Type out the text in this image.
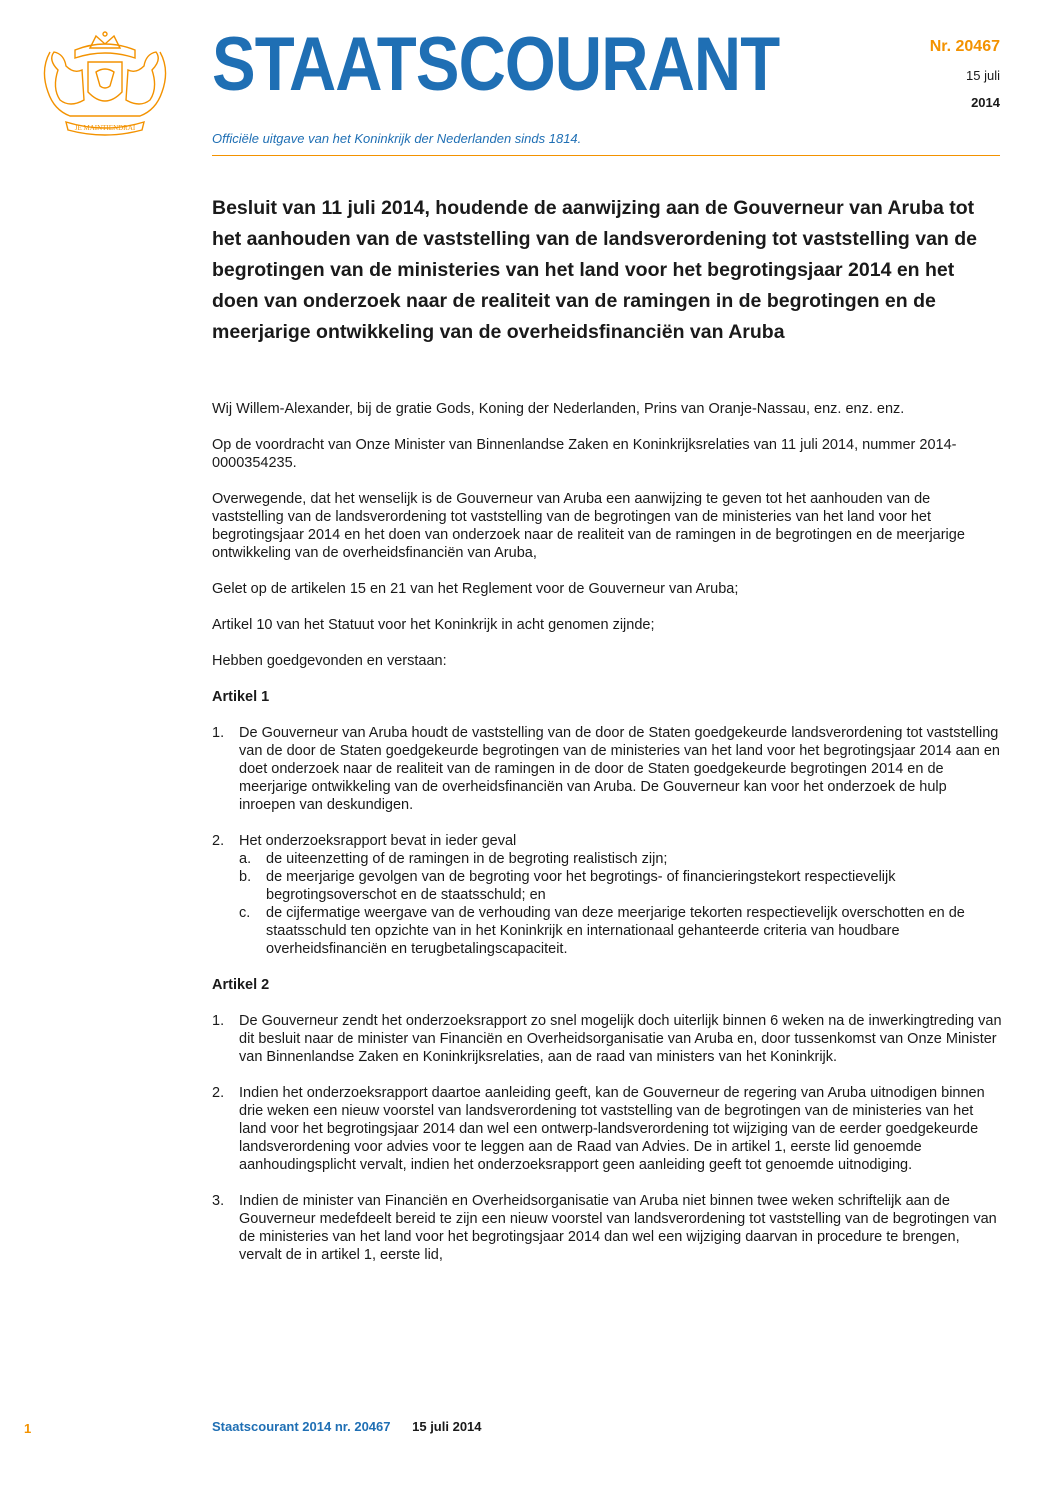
JE MAINTIENDRAI
STAATSCOURANT
Officiële uitgave van het Koninkrijk der Nederlanden sinds 1814.
Nr. 20467
15 juli
2014
Besluit van 11 juli 2014, houdende de aanwijzing aan de Gouverneur van Aruba tot het aanhouden van de vaststelling van de landsverordening tot vaststelling van de begrotingen van de ministeries van het land voor het begrotingsjaar 2014 en het doen van onderzoek naar de realiteit van de ramingen in de begrotingen en de meerjarige ontwikkeling van de overheidsfinanciën van Aruba

Wij Willem-Alexander, bij de gratie Gods, Koning der Nederlanden, Prins van Oranje-Nassau, enz. enz. enz.

Op de voordracht van Onze Minister van Binnenlandse Zaken en Koninkrijksrelaties van 11 juli 2014, nummer 2014-0000354235.

Overwegende, dat het wenselijk is de Gouverneur van Aruba een aanwijzing te geven tot het aanhouden van de vaststelling van de landsverordening tot vaststelling van de begrotingen van de ministeries van het land voor het begrotingsjaar 2014 en het doen van onderzoek naar de realiteit van de ramingen in de begrotingen en de meerjarige ontwikkeling van de overheidsfinanciën van Aruba,

Gelet op de artikelen 15 en 21 van het Reglement voor de Gouverneur van Aruba;

Artikel 10 van het Statuut voor het Koninkrijk in acht genomen zijnde;

Hebben goedgevonden en verstaan:

Artikel 1
1.	De Gouverneur van Aruba houdt de vaststelling van de door de Staten goedgekeurde landsverordening tot vaststelling van de door de Staten goedgekeurde begrotingen van de ministeries van het land voor het begrotingsjaar 2014 aan en doet onderzoek naar de realiteit van de ramingen in de door de Staten goedgekeurde begrotingen 2014 en de meerjarige ontwikkeling van de overheidsfinanciën van Aruba. De Gouverneur kan voor het onderzoek de hulp inroepen van deskundigen.
2.	Het onderzoeksrapport bevat in ieder geval
a.	de uiteenzetting of de ramingen in de begroting realistisch zijn;
b.	de meerjarige gevolgen van de begroting voor het begrotings- of financieringstekort respectievelijk begrotingsoverschot en de staatsschuld; en
c.	de cijfermatige weergave van de verhouding van deze meerjarige tekorten respectievelijk overschotten en de staatsschuld ten opzichte van in het Koninkrijk en internationaal gehanteerde criteria van houdbare overheidsfinanciën en terugbetalingscapaciteit.
Artikel 2
1.	De Gouverneur zendt het onderzoeksrapport zo snel mogelijk doch uiterlijk binnen 6 weken na de inwerkingtreding van dit besluit naar de minister van Financiën en Overheidsorganisatie van Aruba en, door tussenkomst van Onze Minister van Binnenlandse Zaken en Koninkrijksrelaties, aan de raad van ministers van het Koninkrijk.
2.	Indien het onderzoeksrapport daartoe aanleiding geeft, kan de Gouverneur de regering van Aruba uitnodigen binnen drie weken een nieuw voorstel van landsverordening tot vaststelling van de begrotingen van de ministeries van het land voor het begrotingsjaar 2014 dan wel een ontwerp-landsverordening tot wijziging van de eerder goedgekeurde landsverordening voor advies voor te leggen aan de Raad van Advies. De in artikel 1, eerste lid genoemde aanhoudingsplicht vervalt, indien het onderzoeksrapport geen aanleiding geeft tot genoemde uitnodiging.
3.	Indien de minister van Financiën en Overheidsorganisatie van Aruba niet binnen twee weken schriftelijk aan de Gouverneur medefdeelt bereid te zijn een nieuw voorstel van landsverordening tot vaststelling van de begrotingen van de ministeries van het land voor het begrotingsjaar 2014 dan wel een wijziging daarvan in procedure te brengen, vervalt de in artikel 1, eerste lid,
1	Staatscourant 2014 nr. 20467 15 juli 2014
